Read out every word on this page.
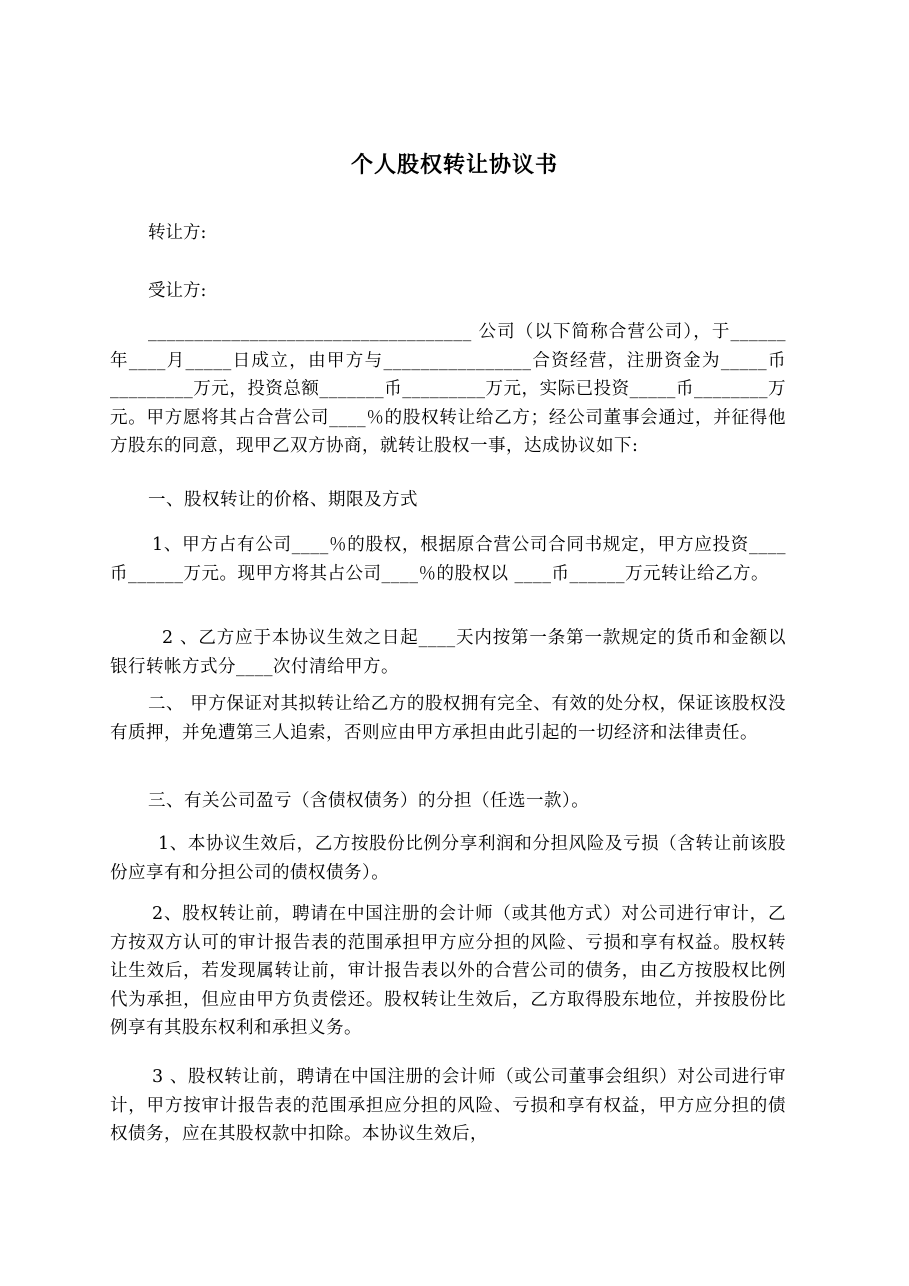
个人股权转让协议书
转让方:
受让方:
___________________________________ 公司（以下简称合营公司），于______年____月_____日成立，由甲方与________________合资经营，注册资金为_____币 _________万元，投资总额_______币_________万元，实际已投资_____币________万元。甲方愿将其占合营公司____％的股权转让给乙方；经公司董事会通过，并征得他方股东的同意，现甲乙双方协商，就转让股权一事，达成协议如下:
一、股权转让的价格、期限及方式
1、甲方占有公司____％的股权，根据原合营公司合同书规定，甲方应投资____币______万元。现甲方将其占公司____％的股权以 ____币______万元转让给乙方。
2 、乙方应于本协议生效之日起____天内按第一条第一款规定的货币和金额以银行转帐方式分____次付清给甲方。
二、 甲方保证对其拟转让给乙方的股权拥有完全、有效的处分权，保证该股权没有质押，并免遭第三人追索，否则应由甲方承担由此引起的一切经济和法律责任。
三、有关公司盈亏（含债权债务）的分担（任选一款）。
1、本协议生效后，乙方按股份比例分享利润和分担风险及亏损（含转让前该股份应享有和分担公司的债权债务）。
2、股权转让前，聘请在中国注册的会计师（或其他方式）对公司进行审计，乙方按双方认可的审计报告表的范围承担甲方应分担的风险、亏损和享有权益。股权转让生效后，若发现属转让前，审计报告表以外的合营公司的债务，由乙方按股权比例代为承担，但应由甲方负责偿还。股权转让生效后，乙方取得股东地位，并按股份比例享有其股东权利和承担义务。
3 、股权转让前，聘请在中国注册的会计师（或公司董事会组织）对公司进行审计，甲方按审计报告表的范围承担应分担的风险、亏损和享有权益，甲方应分担的债权债务，应在其股权款中扣除。本协议生效后，
